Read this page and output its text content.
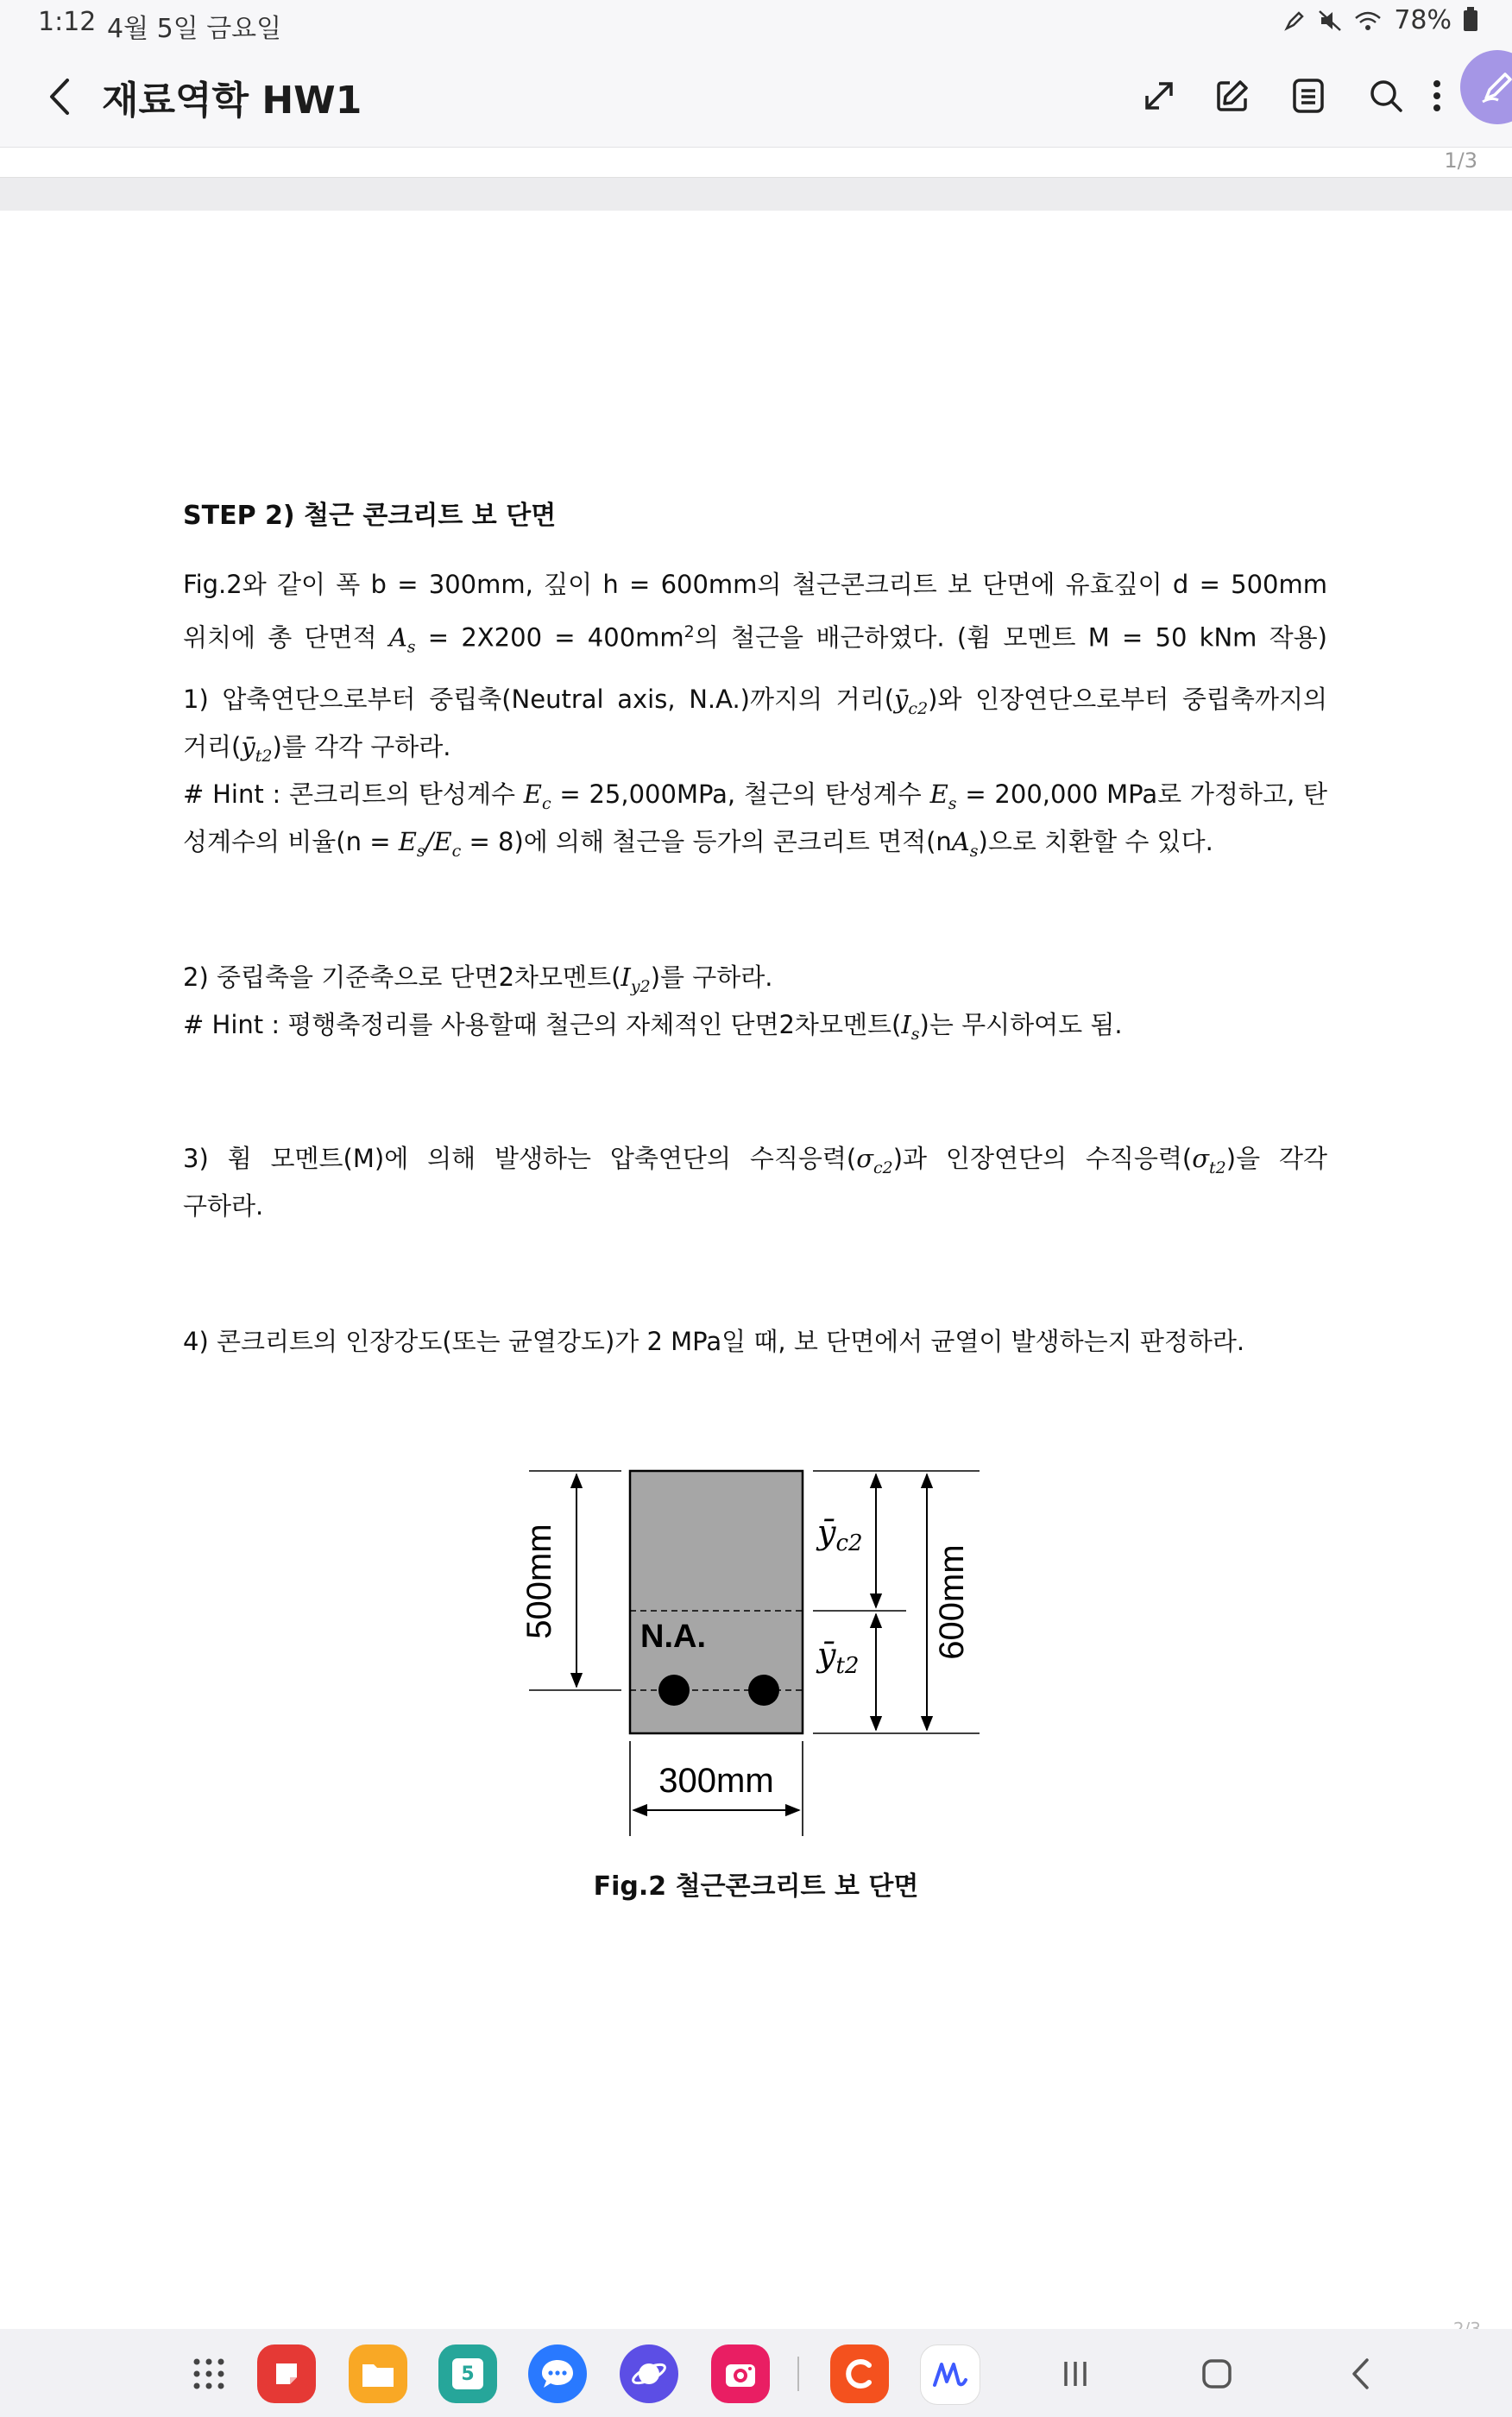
1:12 4월 5일 금요일	78%
재료역학 HW1
1/3
STEP 2) 철근 콘크리트 보 단면
Fig.2와 같이 폭 b = 300mm, 깊이 h = 600mm의 철근콘크리트 보 단면에 유효깊이 d = 500mm
위치에 총 단면적 $A_s = 2X200 = 400mm^2$의 철근을 배근하였다. (휨 모멘트 M = 50 kNm 작용)
1) 압축연단으로부터 중립축(Neutral axis, N.A.)까지의 거리$(ȳ_{c2})$와 인장연단으로부터 중립축까지의
거리$(ȳ_{t2})$를 각각 구하라.
# Hint : 콘크리트의 탄성계수 $E_c = 25,000MPa$, 철근의 탄성계수 $E_s = 200,000$ MPa로 가정하고, 탄
성계수의 비율$(n = E_s/E_c = 8)$에 의해 철근을 등가의 콘크리트 면적$(nA_s)$으로 치환할 수 있다.
2) 중립축을 기준축으로 단면2차모멘트$(I_{y2})$를 구하라.
# Hint : 평행축정리를 사용할때 철근의 자체적인 단면2차모멘트$(I_s)$는 무시하여도 됨.
3) 휨 모멘트(M)에 의해 발생하는 압축연단의 수직응력$(\sigma_{c2})$과 인장연단의 수직응력$(\sigma_{t2})$을 각각
구하라.
4) 콘크리트의 인장강도(또는 균열강도)가 2 MPa일 때, 보 단면에서 균열이 발생하는지 판정하라.
N.A.
500mm	$ȳ_{c2}$
$ȳ_{t2}$
600mm
300mm
Fig.2 철근콘크리트 보 단면
5
